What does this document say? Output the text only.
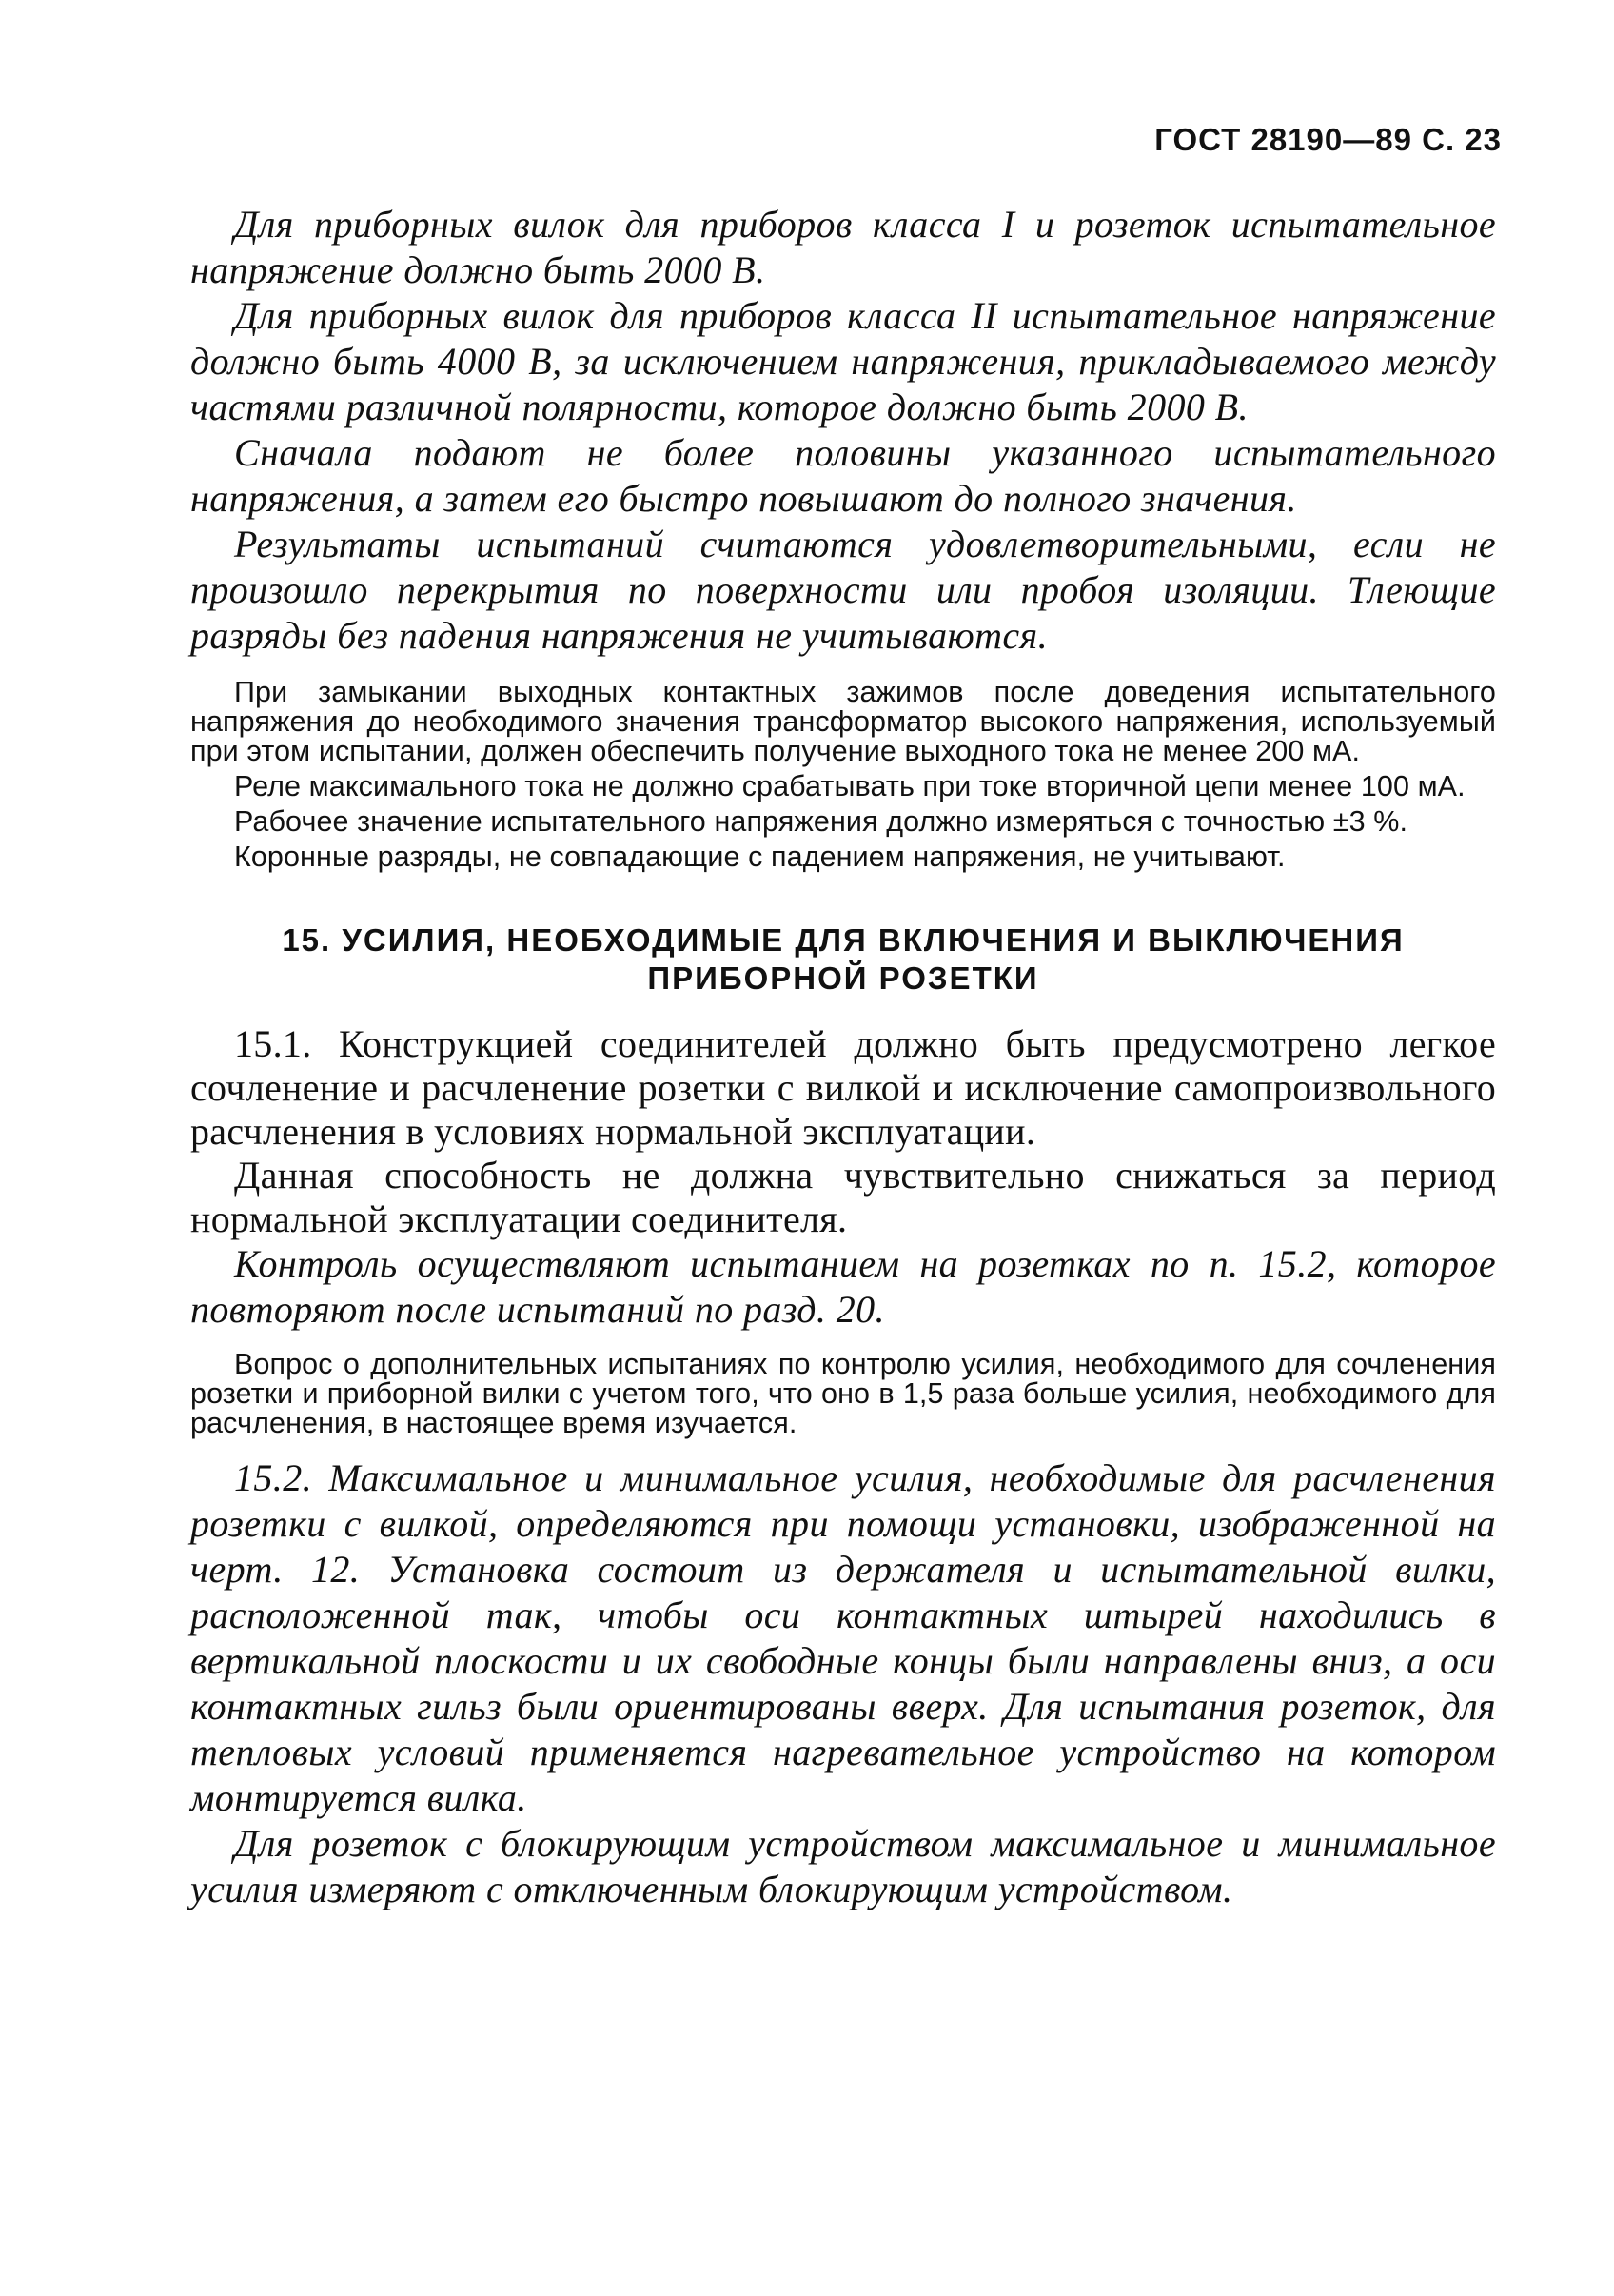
ГОСТ 28190—89 С. 23

Для приборных вилок для приборов класса I и розеток испытательное напряжение должно быть 2000 В.

Для приборных вилок для приборов класса II испытательное напряжение должно быть 4000 В, за исключением напряжения, прикладываемого между частями различной полярности, которое должно быть 2000 В.

Сначала подают не более половины указанного испытательного напряжения, а затем его быстро повышают до полного значения.

Результаты испытаний считаются удовлетворительными, если не произошло перекрытия по поверхности или пробоя изоляции. Тлеющие разряды без падения напряжения не учитываются.

При замыкании выходных контактных зажимов после доведения испытательного напряжения до необходимого значения трансформатор высокого напряжения, используемый при этом испытании, должен обеспечить получение выходного тока не менее 200 мА.

Реле максимального тока не должно срабатывать при токе вторичной цепи менее 100 мА.

Рабочее значение испытательного напряжения должно измеряться с точностью ±3 %.

Коронные разряды, не совпадающие с падением напряжения, не учитывают.

15. УСИЛИЯ, НЕОБХОДИМЫЕ ДЛЯ ВКЛЮЧЕНИЯ И ВЫКЛЮЧЕНИЯ ПРИБОРНОЙ РОЗЕТКИ

15.1. Конструкцией соединителей должно быть предусмотрено легкое сочленение и расчленение розетки с вилкой и исключение самопроизвольного расчленения в условиях нормальной эксплуатации.

Данная способность не должна чувствительно снижаться за период нормальной эксплуатации соединителя.

Контроль осуществляют испытанием на розетках по п. 15.2, которое повторяют после испытаний по разд. 20.

Вопрос о дополнительных испытаниях по контролю усилия, необходимого для сочленения розетки и приборной вилки с учетом того, что оно в 1,5 раза больше усилия, необходимого для расчленения, в настоящее время изучается.

15.2. Максимальное и минимальное усилия, необходимые для расчленения розетки с вилкой, определяются при помощи установки, изображенной на черт. 12. Установка состоит из держателя и испытательной вилки, расположенной так, чтобы оси контактных штырей находились в вертикальной плоскости и их свободные концы были направлены вниз, а оси контактных гильз были ориентированы вверх. Для испытания розеток, для тепловых условий применяется нагревательное устройство на котором монтируется вилка.

Для розеток с блокирующим устройством максимальное и минимальное усилия измеряют с отключенным блокирующим устройством.
